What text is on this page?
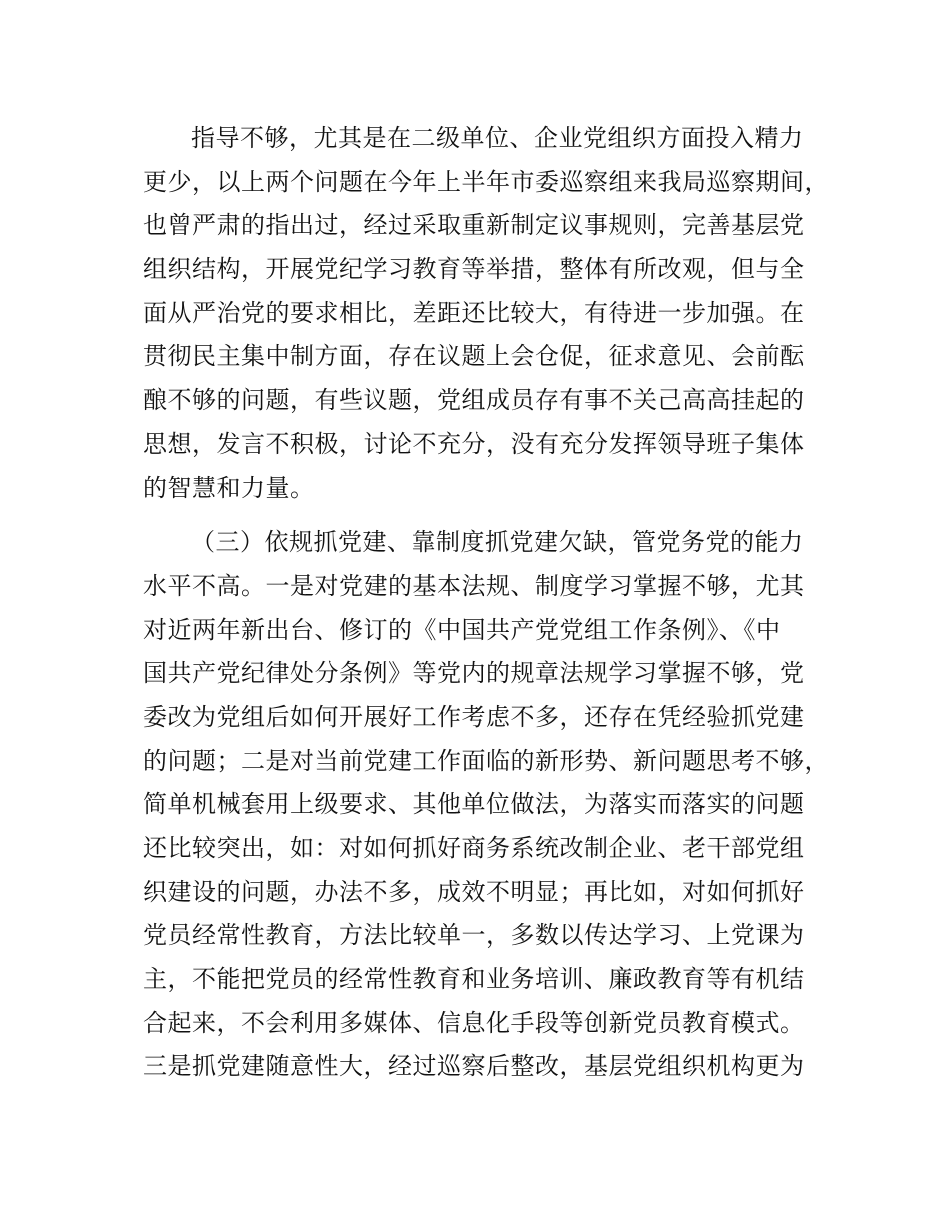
指导不够，尤其是在二级单位、企业党组织方面投入精力
更少，以上两个问题在今年上半年市委巡察组来我局巡察期间，
也曾严肃的指出过，经过采取重新制定议事规则，完善基层党
组织结构，开展党纪学习教育等举措，整体有所改观，但与全
面从严治党的要求相比，差距还比较大，有待进一步加强。在
贯彻民主集中制方面，存在议题上会仓促，征求意见、会前酝
酿不够的问题，有些议题，党组成员存有事不关己高高挂起的
思想，发言不积极，讨论不充分，没有充分发挥领导班子集体
的智慧和力量。
（三）依规抓党建、靠制度抓党建欠缺，管党务党的能力
水平不高。一是对党建的基本法规、制度学习掌握不够，尤其
对近两年新出台、修订的《中国共产党党组工作条例》、《中
国共产党纪律处分条例》等党内的规章法规学习掌握不够，党
委改为党组后如何开展好工作考虑不多，还存在凭经验抓党建
的问题；二是对当前党建工作面临的新形势、新问题思考不够，
简单机械套用上级要求、其他单位做法，为落实而落实的问题
还比较突出，如：对如何抓好商务系统改制企业、老干部党组
织建设的问题，办法不多，成效不明显；再比如，对如何抓好
党员经常性教育，方法比较单一，多数以传达学习、上党课为
主，不能把党员的经常性教育和业务培训、廉政教育等有机结
合起来，不会利用多媒体、信息化手段等创新党员教育模式。
三是抓党建随意性大，经过巡察后整改，基层党组织机构更为
